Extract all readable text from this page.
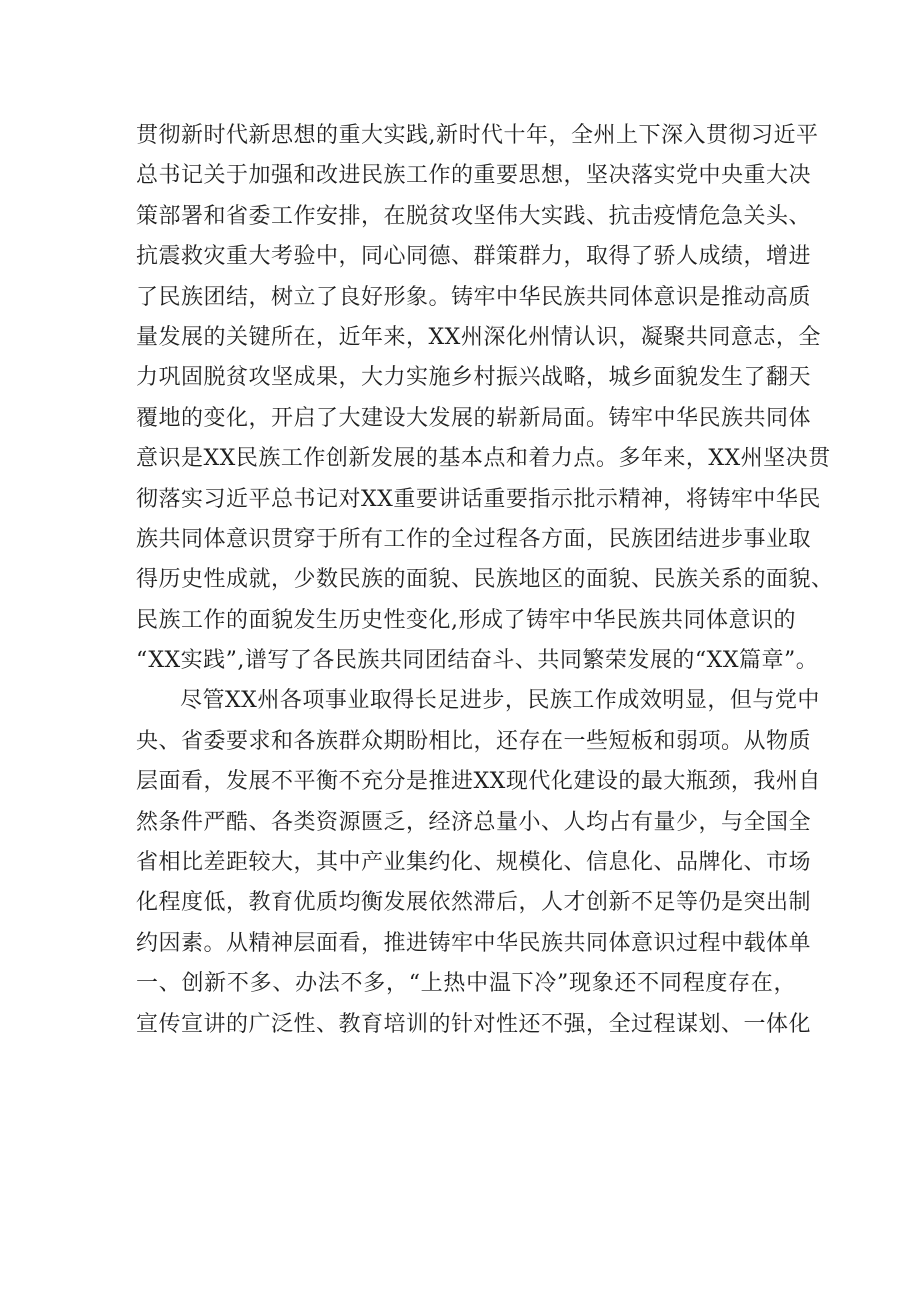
贯彻新时代新思想的重大实践,新时代十年，全州上下深入贯彻习近平
总书记关于加强和改进民族工作的重要思想，坚决落实党中央重大决
策部署和省委工作安排，在脱贫攻坚伟大实践、抗击疫情危急关头、
抗震救灾重大考验中，同心同德、群策群力，取得了骄人成绩，增进
了民族团结，树立了良好形象。铸牢中华民族共同体意识是推动高质
量发展的关键所在，近年来，XX州深化州情认识，凝聚共同意志，全
力巩固脱贫攻坚成果，大力实施乡村振兴战略，城乡面貌发生了翻天
覆地的变化，开启了大建设大发展的崭新局面。铸牢中华民族共同体
意识是XX民族工作创新发展的基本点和着力点。多年来，XX州坚决贯
彻落实习近平总书记对XX重要讲话重要指示批示精神，将铸牢中华民
族共同体意识贯穿于所有工作的全过程各方面，民族团结进步事业取
得历史性成就，少数民族的面貌、民族地区的面貌、民族关系的面貌、
民族工作的面貌发生历史性变化,形成了铸牢中华民族共同体意识的
“XX实践”,谱写了各民族共同团结奋斗、共同繁荣发展的“XX篇章”。
尽管XX州各项事业取得长足进步，民族工作成效明显，但与党中
央、省委要求和各族群众期盼相比，还存在一些短板和弱项。从物质
层面看，发展不平衡不充分是推进XX现代化建设的最大瓶颈，我州自
然条件严酷、各类资源匮乏，经济总量小、人均占有量少，与全国全
省相比差距较大，其中产业集约化、规模化、信息化、品牌化、市场
化程度低，教育优质均衡发展依然滞后，人才创新不足等仍是突出制
约因素。从精神层面看，推进铸牢中华民族共同体意识过程中载体单
一、创新不多、办法不多，“上热中温下冷”现象还不同程度存在，
宣传宣讲的广泛性、教育培训的针对性还不强，全过程谋划、一体化
